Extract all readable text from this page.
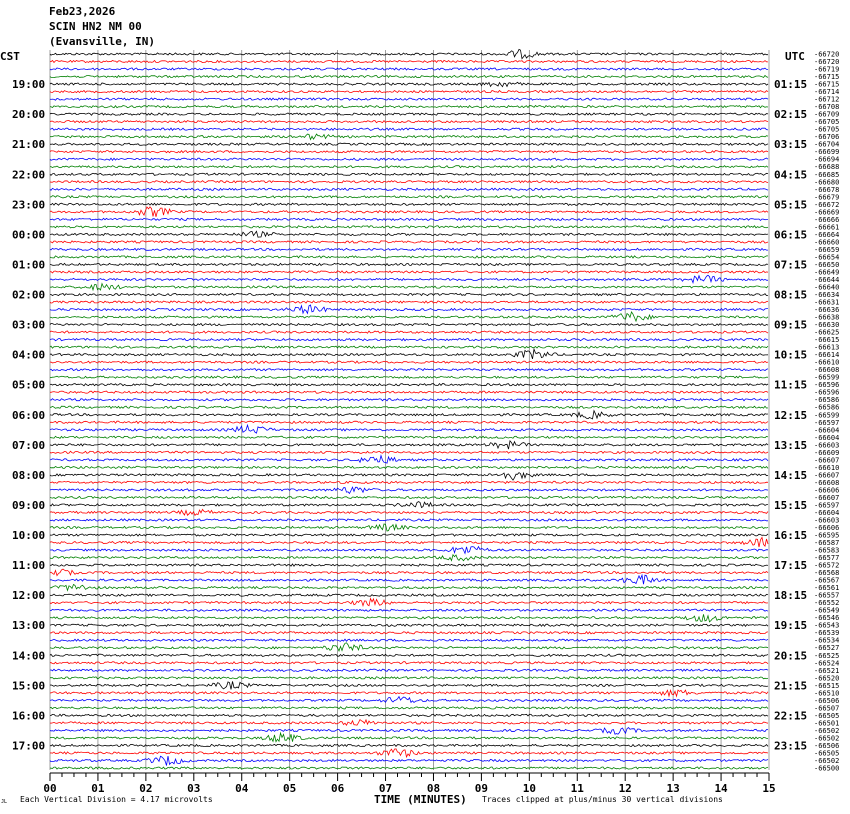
Feb23,2026
SCIN HN2 NM 00
(Evansville, IN)
19:00
20:00
21:00
22:00
23:00
00:00
01:00
02:00
03:00
04:00
05:00
06:00
07:00
08:00
09:00
10:00
11:00
12:00
13:00
14:00
15:00
16:00
17:00
01:15
02:15
03:15
04:15
05:15
06:15
07:15
08:15
09:15
10:15
11:15
12:15
13:15
14:15
15:15
16:15
17:15
18:15
19:15
20:15
21:15
22:15
23:15
-66720
-66720
-66719
-66715
-66715
-66714
-66712
-66708
-66709
-66705
-66705
-66706
-66704
-66699
-66694
-66688
-66685
-66680
-66678
-66679
-66672
-66669
-66666
-66661
-66664
-66660
-66659
-66654
-66650
-66649
-66644
-66640
-66634
-66631
-66636
-66638
-66630
-66625
-66615
-66613
-66614
-66610
-66608
-66599
-66596
-66596
-66586
-66586
-66599
-66597
-66604
-66604
-66603
-66609
-66607
-66610
-66607
-66608
-66606
-66607
-66597
-66604
-66603
-66606
-66595
-66587
-66583
-66577
-66572
-66568
-66567
-66561
-66557
-66552
-66549
-66546
-66543
-66539
-66534
-66527
-66525
-66524
-66521
-66520
-66515
-66510
-66506
-66507
-66505
-66501
-66502
-66502
-66506
-66505
-66502
-66500
00	01	02	03	04	05	06	07	08	09	10	11	12	13	14	15
CST	UTC
JL Each Vertical Division = 4.17 microvolts	TIME (MINUTES) Traces clipped at plus/minus 30 vertical divisions
